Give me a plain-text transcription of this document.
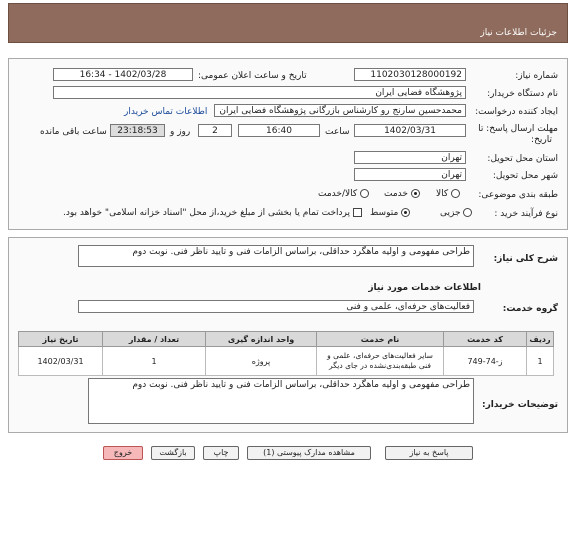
جزئیات اطلاعات نیاز
شماره نیاز:
1102030128000192
تاریخ و ساعت اعلان عمومی:
1402/03/28 - 16:34
نام دستگاه خریدار:
پژوهشگاه فضایی ایران
ایجاد کننده درخواست:
محمدحسین سارنج رو کارشناس بازرگانی پژوهشگاه فضایی ایران
اطلاعات تماس خریدار
مهلت ارسال پاسخ: تا
تاریخ:
1402/03/31
ساعت
16:40
روز و	2
23:18:53
ساعت باقی مانده
استان محل تحویل:
تهران
شهر محل تحویل:
تهران
طبقه بندی موضوعی:
کالا
خدمت
کالا/خدمت
نوع فرآیند خرید :
جزیی
متوسط
پرداخت تمام یا بخشی از مبلغ خرید،از محل "اسناد خزانه اسلامی" خواهد بود.
شرح کلی نیاز:
طراحی مفهومی و اولیه ماهگرد حداقلی، براساس الزامات فنی و تایید ناظر فنی. نوبت دوم
اطلاعات خدمات مورد نیاز
گروه خدمت:
فعالیت‌های حرفه‌ای، علمی و فنی
ردیف	کد خدمت	نام خدمت	واحد اندازه گیری	تعداد / مقدار	تاریخ نیاز
1	ز-74-749	سایر فعالیت‌های حرفه‌ای، علمی و فنی طبقه‌بندی‌نشده در جای دیگر	پروژه	1	1402/03/31
توضیحات خریدار:
طراحی مفهومی و اولیه ماهگرد حداقلی، براساس الزامات فنی و تایید ناظر فنی. نوبت دوم
پاسخ به نیاز
مشاهده مدارک پیوستی (1)
چاپ
بازگشت
خروج
